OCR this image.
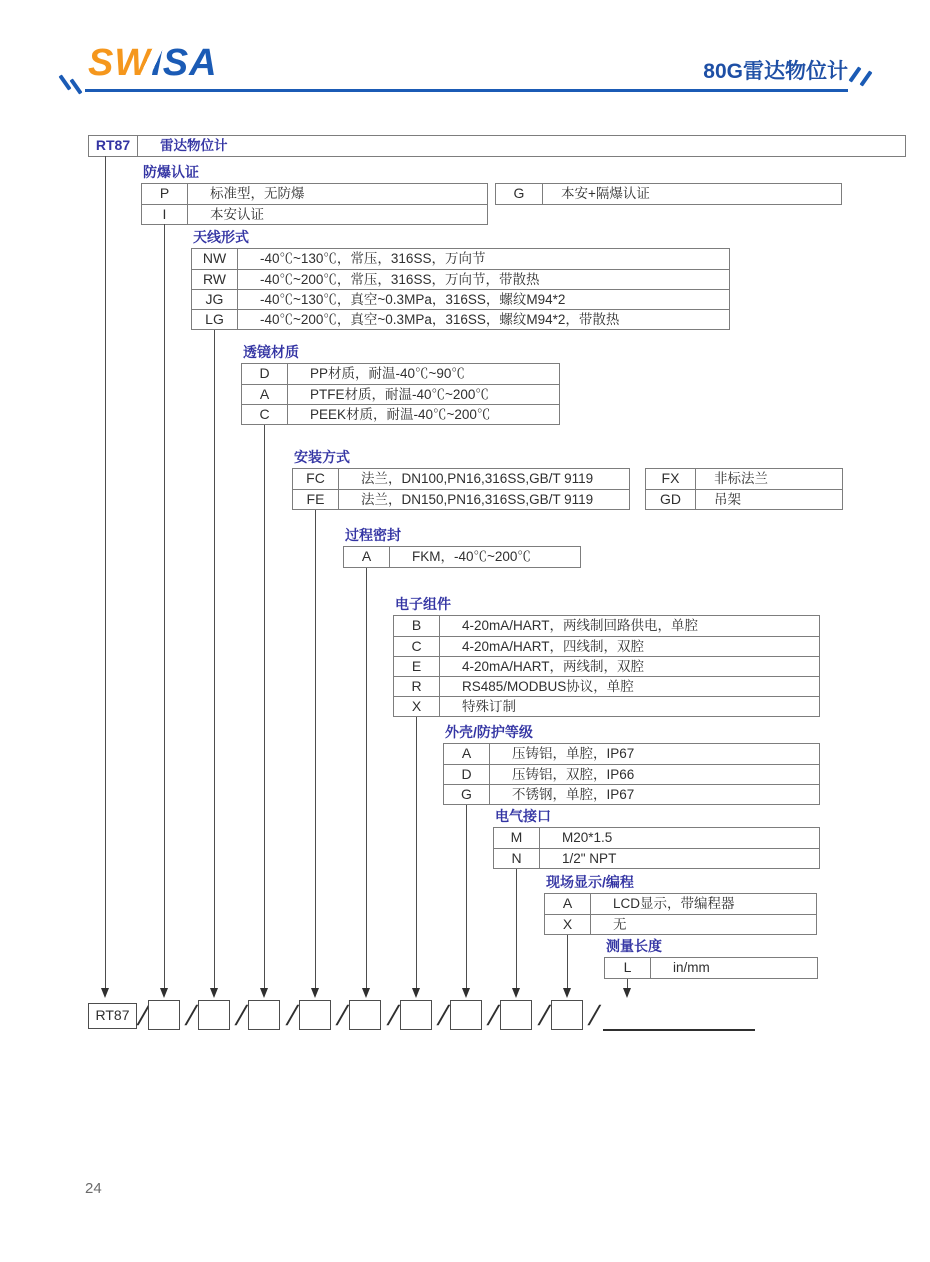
SWISA	80G雷达物位计
RT87	雷达物位计
防爆认证
P	标准型，无防爆
I	本安认证
G	本安+隔爆认证
天线形式
NW	-40℃~130℃，常压，316SS，万向节
RW	-40℃~200℃，常压，316SS，万向节，带散热
JG	-40℃~130℃，真空~0.3MPa，316SS，螺纹M94*2
LG	-40℃~200℃，真空~0.3MPa，316SS，螺纹M94*2，带散热
透镜材质
D	PP材质，耐温-40℃~90℃
A	PTFE材质，耐温-40℃~200℃
C	PEEK材质，耐温-40℃~200℃
安装方式
FC	法兰，DN100,PN16,316SS,GB/T 9119
FE	法兰，DN150,PN16,316SS,GB/T 9119
FX	非标法兰
GD	吊架
过程密封
A	FKM，-40℃~200℃
电子组件
B	4-20mA/HART，两线制回路供电，单腔
C	4-20mA/HART，四线制，双腔
E	4-20mA/HART，两线制，双腔
R	RS485/MODBUS协议，单腔
X	特殊订制
外壳/防护等级
A	压铸铝，单腔，IP67
D	压铸铝，双腔，IP66
G	不锈钢，单腔，IP67
电气接口
M	M20*1.5
N	1/2" NPT
现场显示/编程
A	LCD显示，带编程器
X	无
测量长度
L	in/mm
RT87 / / / / / / / / / /
24
